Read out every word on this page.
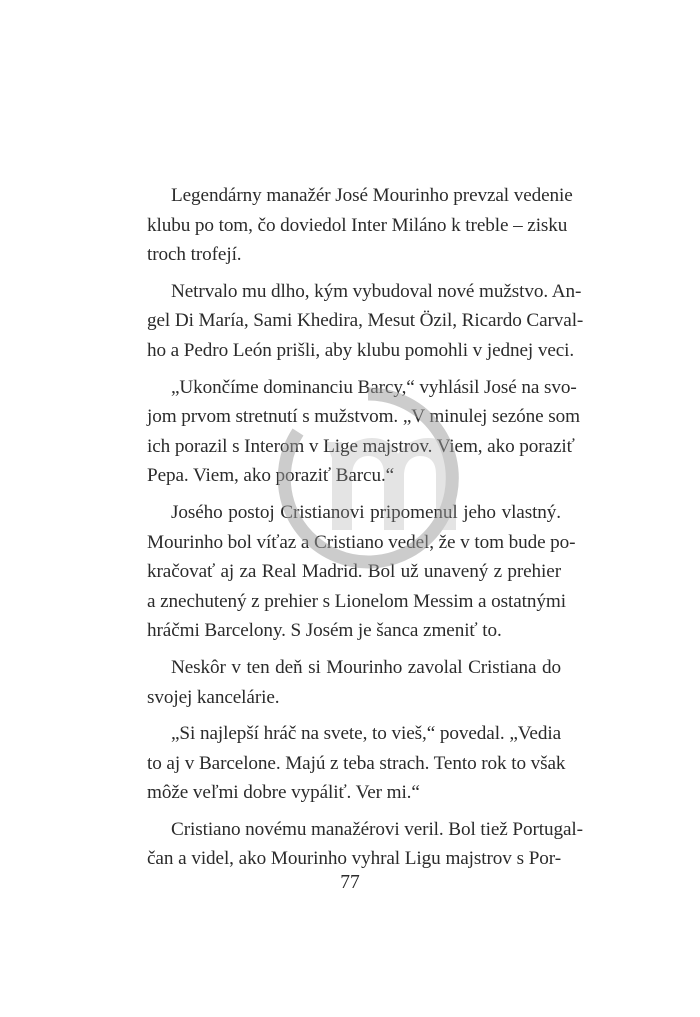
Legendárny manažér José Mourinho prevzal vedenie
klubu po tom, čo doviedol Inter Miláno k treble – zisku
troch trofejí.
Netrvalo mu dlho, kým vybudoval nové mužstvo. An-
gel Di María, Sami Khedira, Mesut Özil, Ricardo Carval-
ho a Pedro León prišli, aby klubu pomohli v jednej veci.
„Ukončíme dominanciu Barcy,“ vyhlásil José na svo-
jom prvom stretnutí s mužstvom. „V minulej sezóne som
ich porazil s Interom v Lige majstrov. Viem, ako poraziť
Pepa. Viem, ako poraziť Barcu.“
Josého postoj Cristianovi pripomenul jeho vlastný.
Mourinho bol víťaz a Cristiano vedel, že v tom bude po-
kračovať aj za Real Madrid. Bol už unavený z prehier
a znechutený z prehier s Lionelom Messim a ostatnými
hráčmi Barcelony. S Josém je šanca zmeniť to.
Neskôr v ten deň si Mourinho zavolal Cristiana do
svojej kancelárie.
„Si najlepší hráč na svete, to vieš,“ povedal. „Vedia
to aj v Barcelone. Majú z teba strach. Tento rok to však
môže veľmi dobre vypáliť. Ver mi.“
Cristiano novému manažérovi veril. Bol tiež Portugal-
čan a videl, ako Mourinho vyhral Ligu majstrov s Por-
77
